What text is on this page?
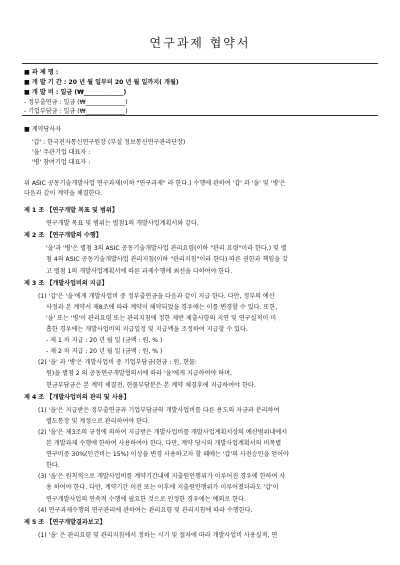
연구과제 협약서
■ 과 제 명 :
■ 개 발 기 간 : 20 년 월 일부터 20 년 월 일까지( 개월)
■ 개 발 비 : 일금 (₩_____________)
- 정부출연금 : 일금 (₩_____________)
- 기업부담금 : 일금 (₩_____________)
■ 계약당사자
'갑' : 한국전자통신연구원장 (부설 정보통신연구관리단장)
'을' 주관기업 대표자 :
'병' 참여기업 대표자 :
위 ASIC 공동기술개발사업 연구과제(이하 "연구과제" 라 한다.) 수행에 관하여 '갑' 과 '을' 및 '병'은
다음과 같이 계약을 체결한다.
제 1 조 【연구개발 목표 및 범위】
연구개발 목표 및 범위는 별첨1의 개발사업계획서와 같다.
제 2 조 【연구개발의 수행】
'을'과 '병'은 별첨 3의 ASIC 공동기술개발사업 관리요령(이하 "관리 요령"이라 한다.) 및 별
첨 4의 ASIC 공동기술개발사업 관리지침(이하 "관리지침"이라 한다) 따른 권한과 책임을 갖
고 별첨 1의 개발사업계획서에 따른 과제수행에 최선을 다하여야 한다.
제 3 조 【개발사업비의 지급】
(1) '갑'은 '을'에게 개발사업비 중 정부출연금을 다음과 같이 지급 한다. 다만, 정부의 예산
사정과 본 계약서 제8조에 따라 계약이 해약되었을 경우에는 이를 변경할 수 있다. 또한,
'을' 또는 '병'이 관리요령 또는 관리지침에 정한 제반 제출사항의 지연 및 연구실적이 미
흡한 경우에는 개발사업비의 지급일정 및 지급액을 조정하여 지급할 수 있다.
- 제 1 차 지급 : 20 년 월 일 (금액 : 원, % )
- 제 2 차 지급 : 20 년 월 일 (금액 : 원, % )
(2) '을' 과 '병'은 개발사업비 중 기업부담금(현금 : 원, 현물:
원)을 별첨 2 의 공동연구개발협의서에 따라 '을'에게 지급하여야 하며,
현금부담금은 본 계약 체결전, 현물부담분은 본 계약 체결후에 지급하여야 한다.
제 4 조 【개발사업비의 관리 및 사용】
(1) '을'은 지급받은 정부출연금과 기업부담금의 개발사업비를 다른 용도의 자금과 분리하여
별도통장 및 계정으로 관리하여야 한다.
(2) '을'은 제3조의 규정에 의하여 지급받은 개발사업비를 개발사업계획서상의 예산범위내에서
본 개발과제 수행에 한하여 사용하여야 한다. 다만, 계약 당시의 개발사업계획서의 비목별
연구비중 30%(인건비는 15%) 이상을 변경 사용하고자 할 때에는 '갑'의 사전승인을 얻어야
한다.
(3) '을'은 원칙적으로 개발사업비를 계약기간내에 지출원인행위가 이루어진 경우에 한하여 사
용 하여야 한다. 다만, 계약기간 이전 또는 이후에 지출원인행위가 이루어졌더라도 '갑'이
연구개발사업의 연속적 수행에 필요한 것으로 인정한 경우에는 예외로 한다.
(4) 연구과제수행의 연구관리에 관하여는 관리요령 및 관리지침에 따라 수행한다.
제 5 조 【연구개발결과보고】
(1) '을' 은 관리요령 및 관리지침에서 정하는 시기 및 절차에 따라 개발사업비 사용실적, 연
